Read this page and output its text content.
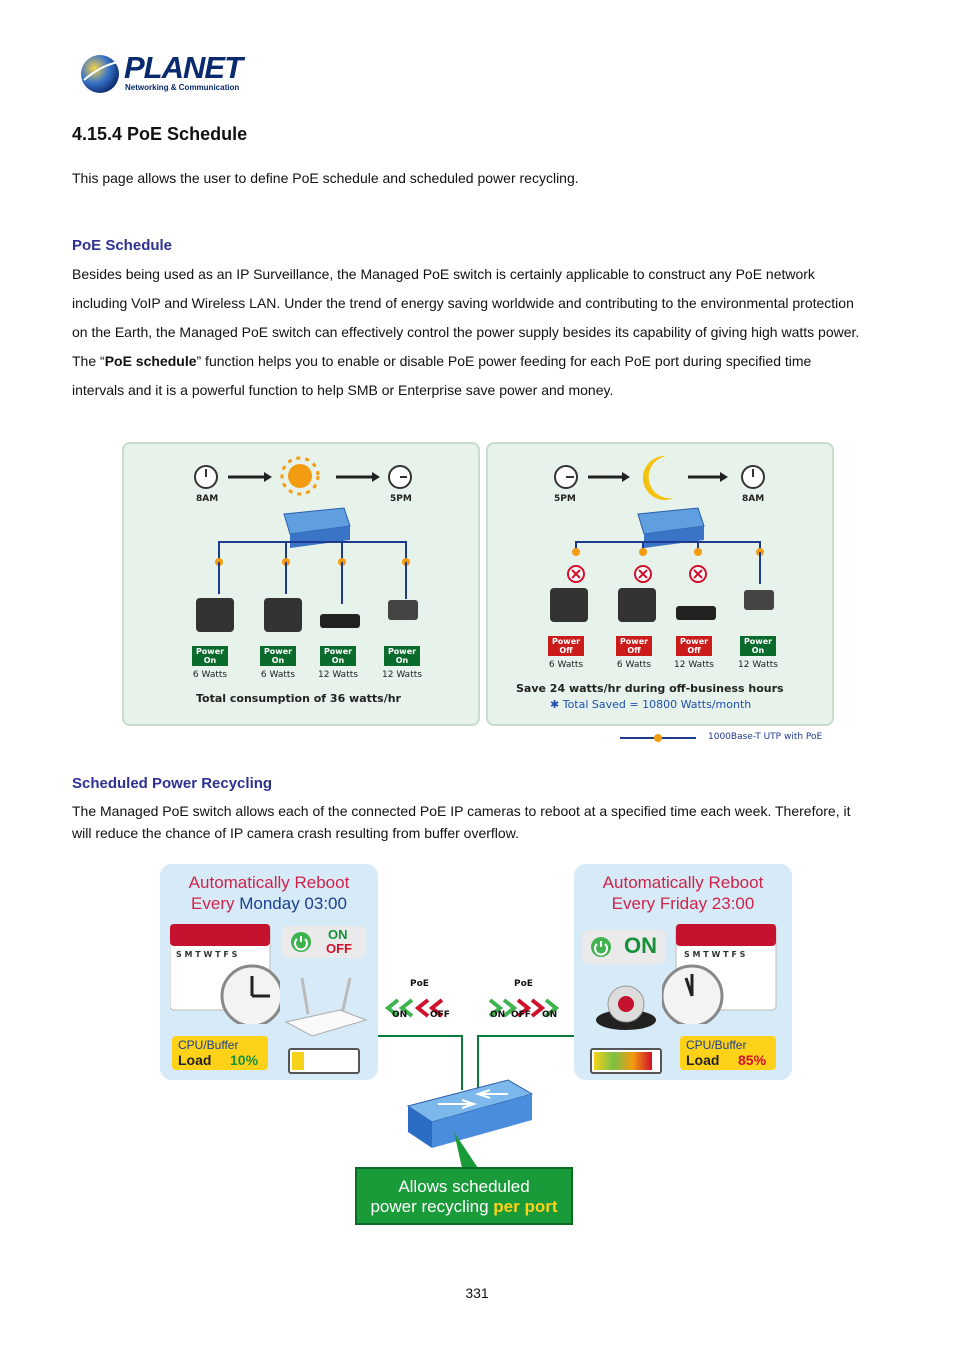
PLANET
Networking & Communication
4.15.4 PoE Schedule

This page allows the user to define PoE schedule and scheduled power recycling.

PoE Schedule
Besides being used as an IP Surveillance, the Managed PoE switch is certainly applicable to construct any PoE network
including VoIP and Wireless LAN. Under the trend of energy saving worldwide and contributing to the environmental protection
on the Earth, the Managed PoE switch can effectively control the power supply besides its capability of giving high watts power.
The “PoE schedule” function helps you to enable or disable PoE power feeding for each PoE port during specified time
intervals and it is a powerful function to help SMB or Enterprise save power and money.
8AM	5PM
Power On
Power On
Power On
Power On
6 Watts	6 Watts	12 Watts	12 Watts
Total consumption of 36 watts/hr
5PM	8AM
Power Off
Power Off
Power Off
Power On
6 Watts	6 Watts	12 Watts	12 Watts
Save 24 watts/hr during off-business hours
✱ Total Saved = 10800 Watts/month
1000Base-T UTP with PoE
Scheduled Power Recycling
The Managed PoE switch allows each of the connected PoE IP cameras to reboot at a specified time each week. Therefore, it
will reduce the chance of IP camera crash resulting from buffer overflow.
Automatically Reboot
Every Monday 03:00
S M T W T F S
ON
OFF
CPU/Buffer
Load 10%
Automatically Reboot
Every Friday 23:00
ON	S M T W T F S
CPU/Buffer
Load 85%
PoE
ON	OFF
PoE
ON OFF ON
Allows scheduled
power recycling per port
331
